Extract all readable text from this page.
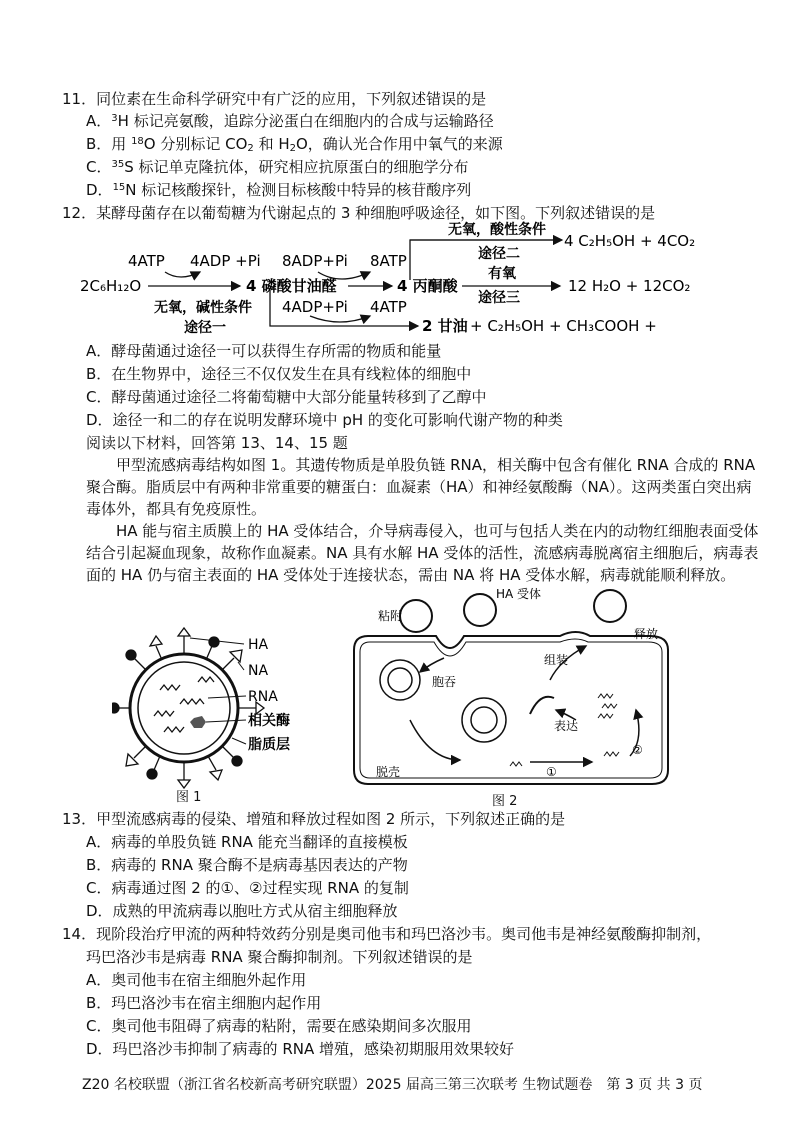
11．同位素在生命科学研究中有广泛的应用，下列叙述错误的是
A．$^3$H 标记亮氨酸，追踪分泌蛋白在细胞内的合成与运输路径
B．用 $^{18}$O 分别标记 $CO_2$ 和 $H_2O$，确认光合作用中氧气的来源
C．$^{35}$S 标记单克隆抗体，研究相应抗原蛋白的细胞学分布
D．$^{15}$N 标记核酸探针，检测目标核酸中特异的核苷酸序列
12．某酵母菌存在以葡萄糖为代谢起点的 3 种细胞呼吸途径，如下图。下列叙述错误的是
4ATP 4ADP +Pi 8ADP+Pi 8ATP
2C₆H₁₂O	4 磷酸甘油醛	4 丙酮酸
无氧，碱性条件
途径一
4ADP+Pi 4ATP
2 甘油 + C₂H₅OH + CH₃COOH +
无氧，酸性条件
途径二
4 C₂H₅OH + 4CO₂
有氧
途径三
12 H₂O + 12CO₂
A．酵母菌通过途径一可以获得生存所需的物质和能量
B．在生物界中，途径三不仅仅发生在具有线粒体的细胞中
C．酵母菌通过途径二将葡萄糖中大部分能量转移到了乙醇中
D．途径一和二的存在说明发酵环境中 pH 的变化可影响代谢产物的种类
阅读以下材料，回答第 13、14、15 题
甲型流感病毒结构如图 1。其遗传物质是单股负链 RNA，相关酶中包含有催化 RNA 合成的 RNA 聚合酶。脂质层中有两种非常重要的糖蛋白：血凝素（HA）和神经氨酸酶（NA）。这两类蛋白突出病毒体外，都具有免疫原性。
HA 能与宿主质膜上的 HA 受体结合，介导病毒侵入，也可与包括人类在内的动物红细胞表面受体结合引起凝血现象，故称作血凝素。NA 具有水解 HA 受体的活性，流感病毒脱离宿主细胞后，病毒表面的 HA 仍与宿主表面的 HA 受体处于连接状态，需由 NA 将 HA 受体水解，病毒就能顺利释放。
HA
NA
RNA
相关酶
脂质层
图 1
粘附
HA 受体
释放
组装
胞吞
表达
脱壳	①
②
图 2
13．甲型流感病毒的侵染、增殖和释放过程如图 2 所示，下列叙述正确的是
A．病毒的单股负链 RNA 能充当翻译的直接模板
B．病毒的 RNA 聚合酶不是病毒基因表达的产物
C．病毒通过图 2 的①、②过程实现 RNA 的复制
D．成熟的甲流病毒以胞吐方式从宿主细胞释放
14．现阶段治疗甲流的两种特效药分别是奥司他韦和玛巴洛沙韦。奥司他韦是神经氨酸酶抑制剂，
玛巴洛沙韦是病毒 RNA 聚合酶抑制剂。下列叙述错误的是
A．奥司他韦在宿主细胞外起作用
B．玛巴洛沙韦在宿主细胞内起作用
C．奥司他韦阻碍了病毒的粘附，需要在感染期间多次服用
D．玛巴洛沙韦抑制了病毒的 RNA 增殖，感染初期服用效果较好
Z20 名校联盟（浙江省名校新高考研究联盟）2025 届高三第三次联考 生物试题卷　第 3 页 共 3 页
